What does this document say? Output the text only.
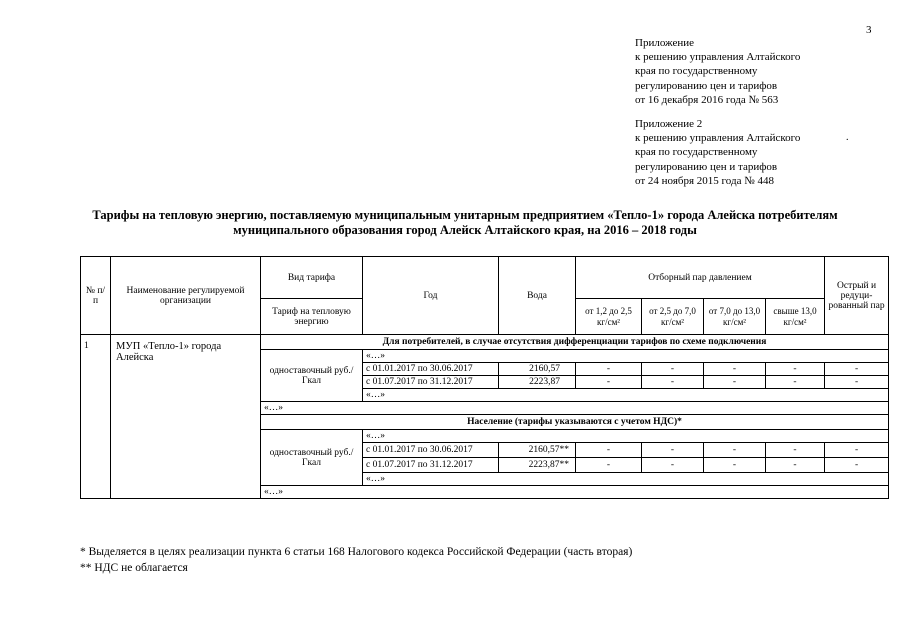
3
Приложение
к решению управления Алтайского
края по государственному
регулированию цен и тарифов
от 16 декабря 2016 года № 563
Приложение 2
к решению управления Алтайского
края по государственному
регулированию цен и тарифов
от 24 ноября 2015 года № 448
.
Тарифы на тепловую энергию, поставляемую муниципальным унитарным предприятием «Тепло-1» города Алейска потребителям
муниципального образования город Алейск Алтайского края, на 2016 – 2018 годы
№ п/п	Наименование регулируемой организации	Вид тарифа	Год	Вода	Отборный пар давлением				Острый и редуци-рованный пар
		Тариф на тепловую энергию			от 1,2 до 2,5 кг/см²	от 2,5 до 7,0 кг/см²	от 7,0 до 13,0 кг/см²	свыше 13,0 кг/см²	
1	МУП «Тепло-1» города Алейска	Для потребителей, в случае отсутствия дифференциации тарифов по схеме подключения							
		одноставочный руб./Гкал	«…»						
			с 01.01.2017 по 30.06.2017	2160,57	-	-	-	-	-
			с 01.07.2017 по 31.12.2017	2223,87	-	-	-	-	-
			«…»						
		«…»							
		Население (тарифы указываются с учетом НДС)*							
		одноставочный руб./Гкал	«…»						
			с 01.01.2017 по 30.06.2017	2160,57**	-	-	-	-	-
			с 01.07.2017 по 31.12.2017	2223,87**	-	-	-	-	-
			«…»						
		«…»							
* Выделяется в целях реализации пункта 6 статьи 168 Налогового кодекса Российской Федерации (часть вторая)
** НДС не облагается
